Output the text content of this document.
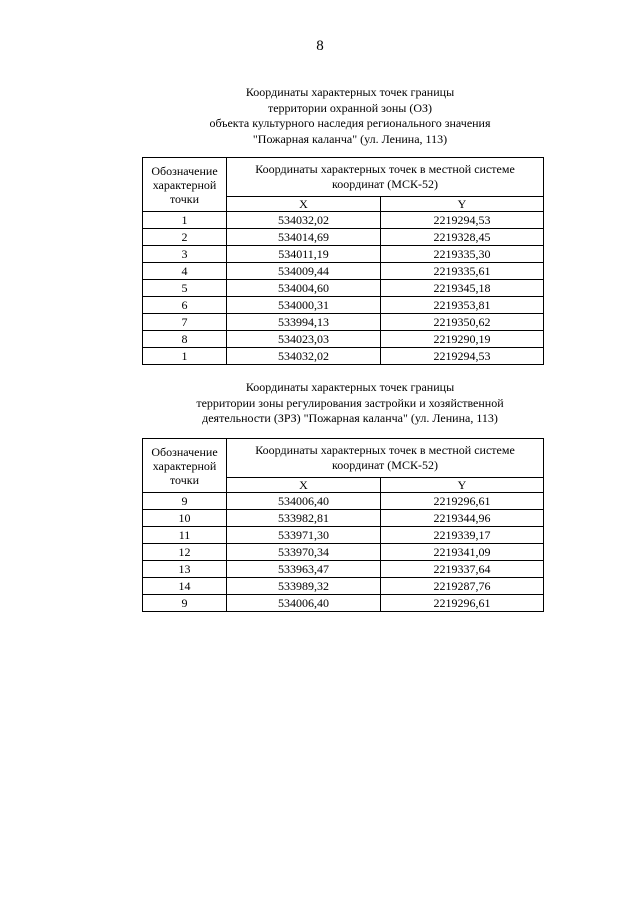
8
Координаты характерных точек границы
территории охранной зоны (ОЗ)
объекта культурного наследия регионального значения
"Пожарная каланча" (ул. Ленина, 113)
Обозначение
характерной
точки	Координаты характерных точек в местной системе координат (МСК-52)	
	X	Y
1	534032,02	2219294,53
2	534014,69	2219328,45
3	534011,19	2219335,30
4	534009,44	2219335,61
5	534004,60	2219345,18
6	534000,31	2219353,81
7	533994,13	2219350,62
8	534023,03	2219290,19
1	534032,02	2219294,53
Координаты характерных точек границы
территории зоны регулирования застройки и хозяйственной
деятельности (ЗРЗ) "Пожарная каланча" (ул. Ленина, 113)
Обозначение
характерной
точки	Координаты характерных точек в местной системе координат (МСК-52)	
	X	Y
9	534006,40	2219296,61
10	533982,81	2219344,96
11	533971,30	2219339,17
12	533970,34	2219341,09
13	533963,47	2219337,64
14	533989,32	2219287,76
9	534006,40	2219296,61
